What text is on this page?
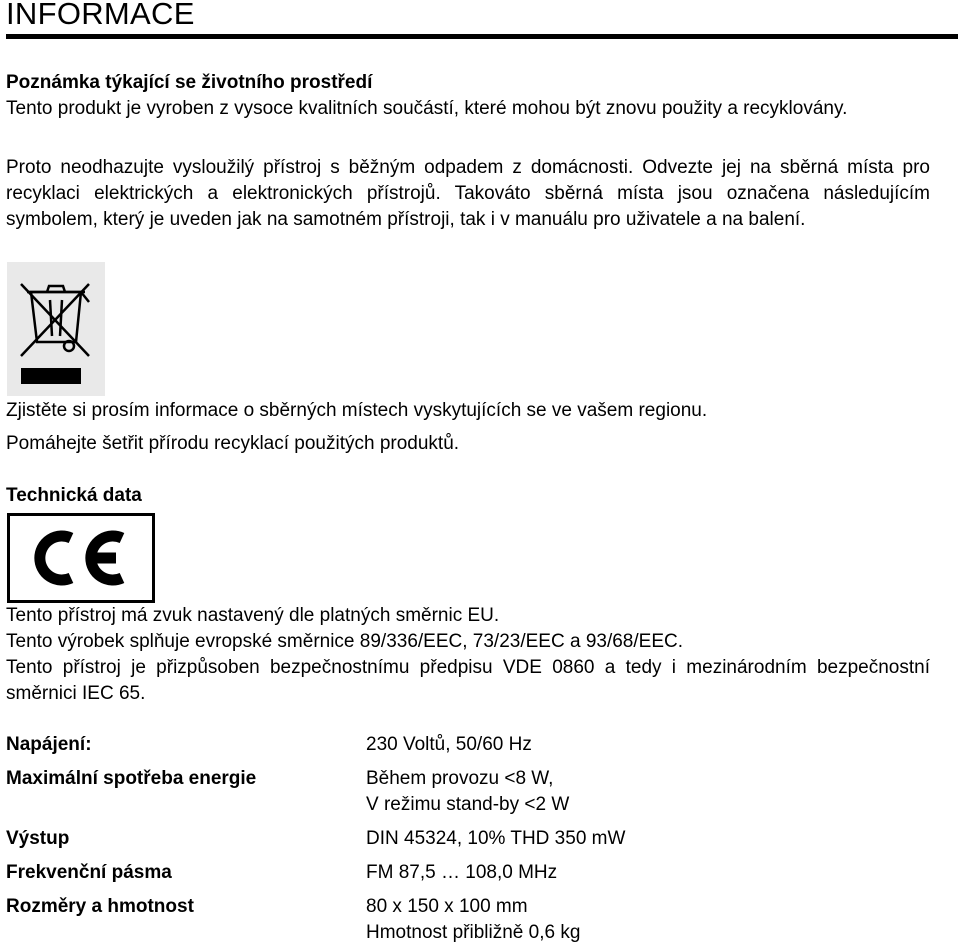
INFORMACE
Poznámka týkající se životního prostředí
Tento produkt je vyroben z vysoce kvalitních součástí, které mohou být znovu použity a recyklovány.
Proto neodhazujte vysloužilý přístroj s běžným odpadem z domácnosti. Odvezte jej na sběrná místa pro recyklaci elektrických a elektronických přístrojů. Takováto sběrná místa jsou označena následujícím symbolem, který je uveden jak na samotném přístroji, tak i v manuálu pro uživatele a na balení.
Zjistěte si prosím informace o sběrných místech vyskytujících se ve vašem regionu.
Pomáhejte šetřit přírodu recyklací použitých produktů.
Technická data
Tento přístroj má zvuk nastavený dle platných směrnic EU.
Tento výrobek splňuje evropské směrnice 89/336/EEC, 73/23/EEC a 93/68/EEC.
Tento přístroj je přizpůsoben bezpečnostnímu předpisu VDE 0860 a tedy i mezinárodním bezpečnostní směrnici IEC 65.
Napájení:	230 Voltů, 50/60 Hz
Maximální spotřeba energie	Během provozu <8 W,
V režimu stand-by <2 W
Výstup	DIN 45324, 10% THD 350 mW
Frekvenční pásma	FM 87,5 … 108,0 MHz
Rozměry a hmotnost	80 x 150 x 100 mm
Hmotnost přibližně 0,6 kg
